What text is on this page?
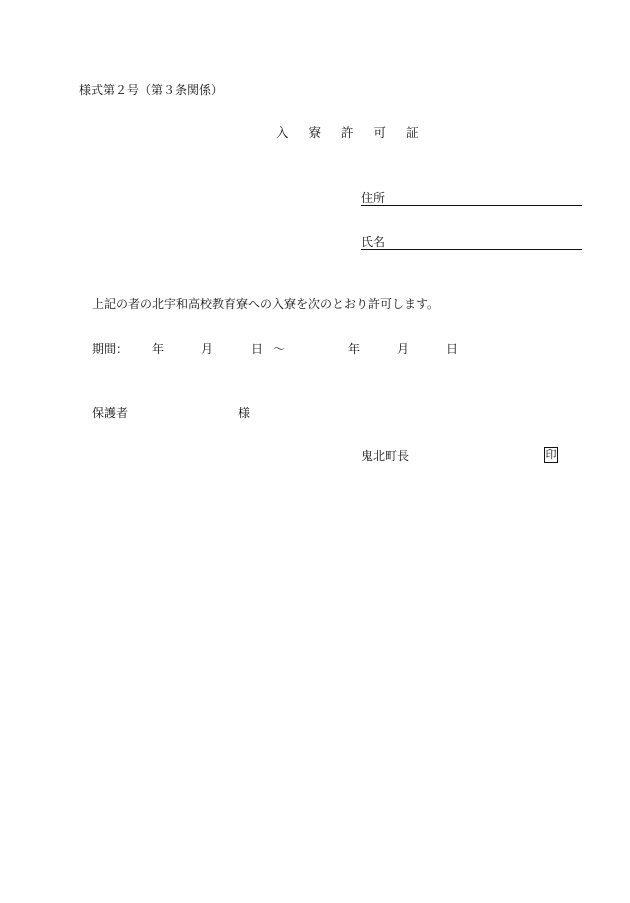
様式第２号（第３条関係）
入 寮 許 可 証
住所
氏名
上記の者の北宇和高校教育寮への入寮を次のとおり許可します。
期間： 年	月	日 ～	年	月	日
保護者	様
鬼北町長	印
